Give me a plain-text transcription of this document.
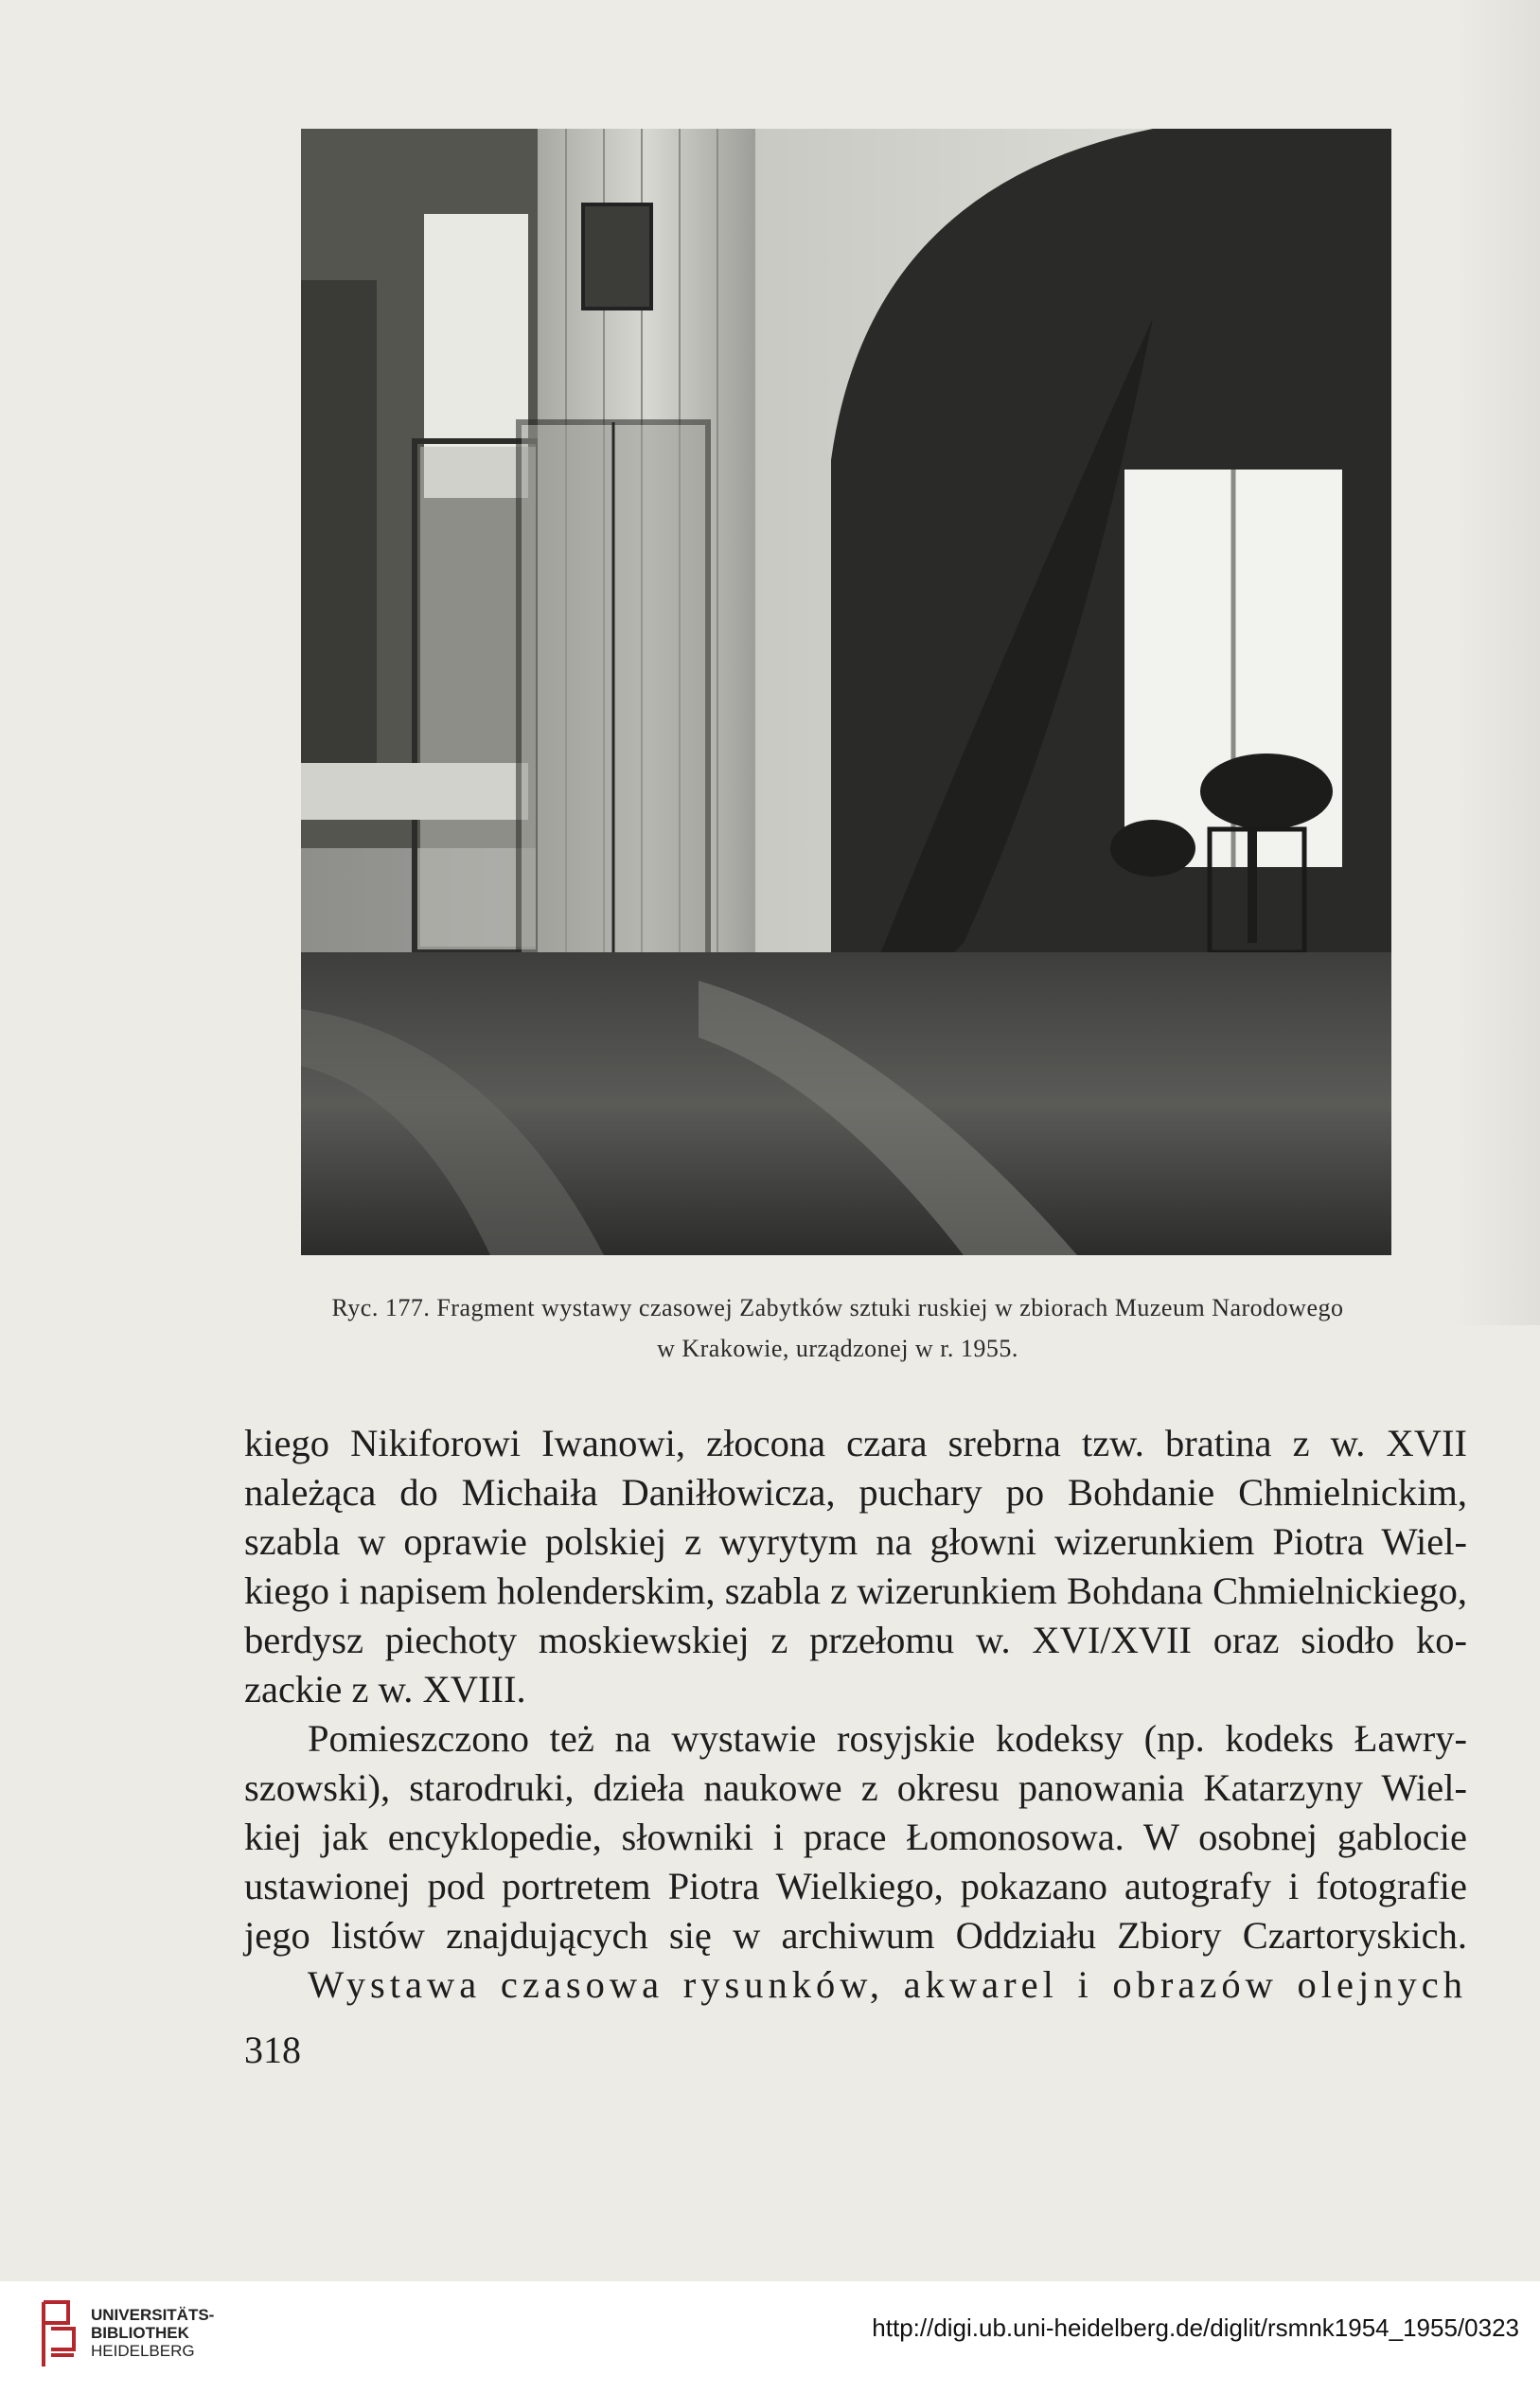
Ryc. 177. Fragment wystawy czasowej Zabytków sztuki ruskiej w zbiorach Muzeum Narodowego
w Krakowie, urządzonej w r. 1955.
kiego Nikiforowi Iwanowi, złocona czara srebrna tzw. bratina z w. XVII
należąca do Michaiła Daniłłowicza, puchary po Bohdanie Chmielnickim,
szabla w oprawie polskiej z wyrytym na głowni wizerunkiem Piotra Wiel-
kiego i napisem holenderskim, szabla z wizerunkiem Bohdana Chmielnickiego,
berdysz piechoty moskiewskiej z przełomu w. XVI/XVII oraz siodło ko-
zackie z w. XVIII.
Pomieszczono też na wystawie rosyjskie kodeksy (np. kodeks Ławry-
szowski), starodruki, dzieła naukowe z okresu panowania Katarzyny Wiel-
kiej jak encyklopedie, słowniki i prace Łomonosowa. W osobnej gablocie
ustawionej pod portretem Piotra Wielkiego, pokazano autografy i fotografie
jego listów znajdujących się w archiwum Oddziału Zbiory Czartoryskich.
Wystawa czasowa rysunków, akwarel i obrazów olejnych
318
UNIVERSITÄTS-
BIBLIOTHEK
HEIDELBERG
http://digi.ub.uni-heidelberg.de/diglit/rsmnk1954_1955/0323
